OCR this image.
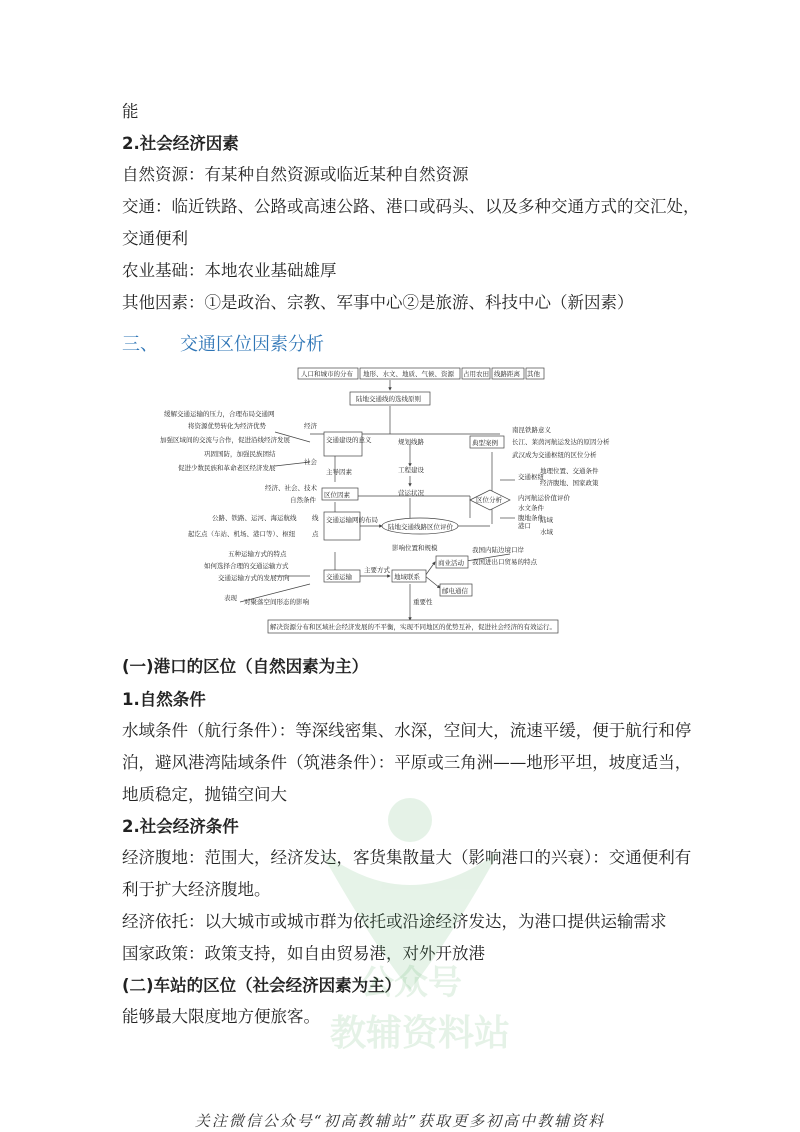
能
2.社会经济因素
自然资源：有某种自然资源或临近某种自然资源
交通：临近铁路、公路或高速公路、港口或码头、以及多种交通方式的交汇处，
交通便利
农业基础：本地农业基础雄厚
其他因素：①是政治、宗教、军事中心②是旅游、科技中心（新因素）
三、 交通区位因素分析
人口和城市的分布 地形、水文、地质、气候、资源 占用农田 线路距离 其他
陆地交通线的选线原则
缓解交通运输的压力，合理布局交通网
将资源优势转化为经济优势
加强区域间的交流与合作，促进沿线经济发展
巩固国防，加强民族团结
促进少数民族和革命老区经济发展
经济
社会
交通建设的意义
主导因素
规划线路
工程建设
营运状况
经济、社会、技术
自然条件
区位因素
公路、铁路、运河、海运航线
起讫点（车站、机场、港口等）、枢纽
线
点
交通运输网的布局
陆地交通线路区位评价
典型案例
南昆铁路意义
长江、莱茵河航运发达的原因分析
武汉成为交通枢纽的区位分析
区位分析
交通枢纽
地理位置、交通条件
经济腹地、国家政策
内河航运价值评价
水文条件
腹地条件
港口
陆域
水域
五种运输方式的特点
如何选择合理的交通运输方式
交通运输方式的发展方向	交通运输
主要方式
影响位置和规模
地域联系
商业活动
我国内陆边境口岸
我国进出口贸易的特点
邮电通信
表现 对聚落空间形态的影响	重要性
解决资源分布和区域社会经济发展的不平衡，实现不同地区的优势互补，促进社会经济的有效运行。
(一)港口的区位（自然因素为主）
1.自然条件
水域条件（航行条件）：等深线密集、水深，空间大，流速平缓，便于航行和停
泊，避风港湾陆域条件（筑港条件）：平原或三角洲——地形平坦，坡度适当，
地质稳定，抛锚空间大
2.社会经济条件
经济腹地：范围大，经济发达，客货集散量大（影响港口的兴衰）：交通便利有
利于扩大经济腹地。
经济依托：以大城市或城市群为依托或沿途经济发达，为港口提供运输需求
国家政策：政策支持，如自由贸易港，对外开放港
(二)车站的区位（社会经济因素为主）
能够最大限度地方便旅客。
公众号
教辅资料站
关注微信公众号“初高教辅站”获取更多初高中教辅资料
